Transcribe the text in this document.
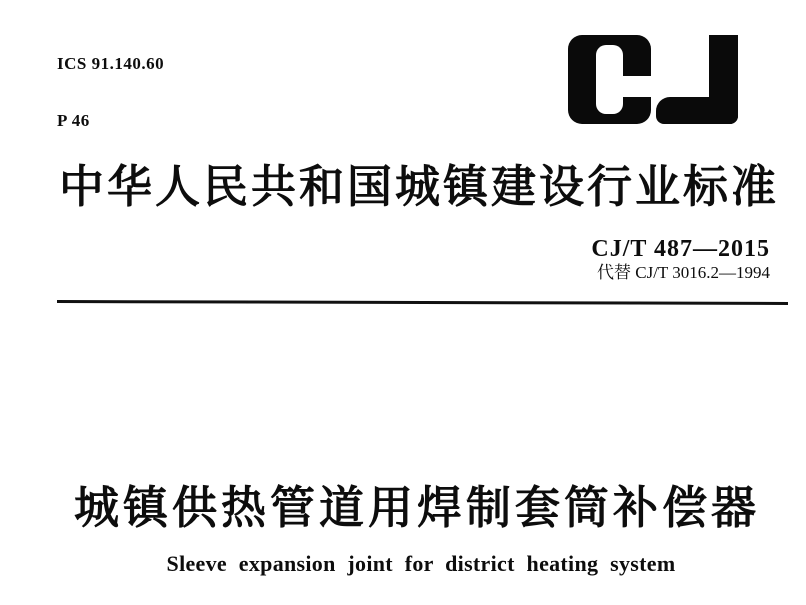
ICS 91.140.60

P 46

中华人民共和国城镇建设行业标准
CJ/T 487—2015
代替 CJ/T 3016.2—1994
城镇供热管道用焊制套筒补偿器
Sleeve expansion joint for district heating system
